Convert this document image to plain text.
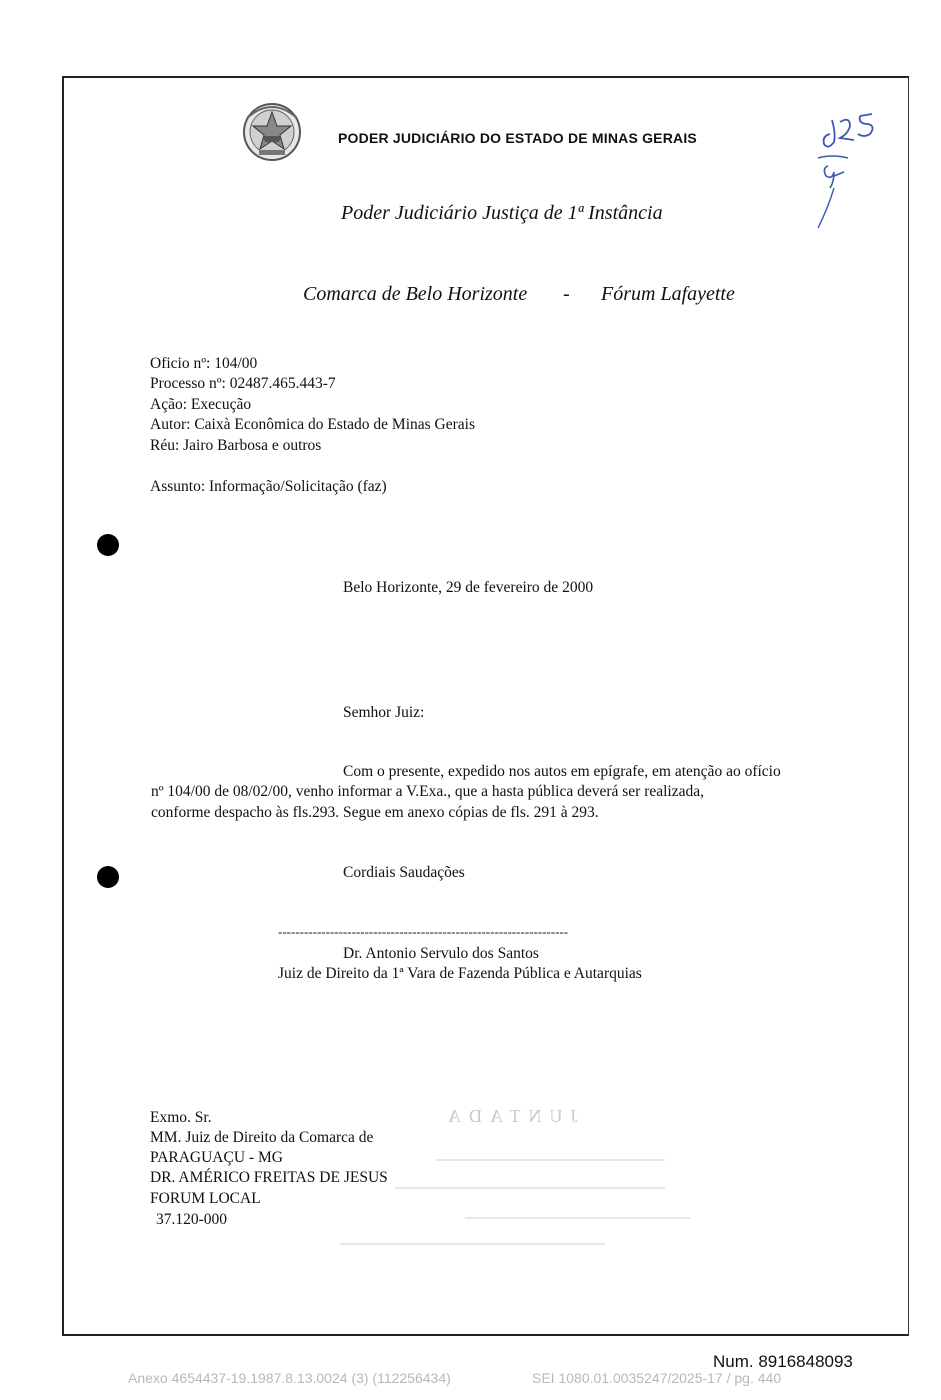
PODER JUDICIÁRIO DO ESTADO DE MINAS GERAIS
Poder Judiciário Justiça de 1ª Instância
Comarca de Belo Horizonte - Fórum Lafayette
Oficio nº: 104/00
Processo nº: 02487.465.443-7
Ação: Execução
Autor: Caixà Econômica do Estado de Minas Gerais
Réu: Jairo Barbosa e outros
Assunto: Informação/Solicitação (faz)
Belo Horizonte, 29 de fevereiro de 2000
Semhor Juiz:
Com o presente, expedido nos autos em epígrafe, em atenção ao ofício
nº 104/00 de 08/02/00, venho informar a V.Exa., que a hasta pública deverá ser realizada,
conforme despacho às fls.293. Segue em anexo cópias de fls. 291 à 293.
Cordiais Saudações
-------------------------------------------------------------------
Dr. Antonio Servulo dos Santos
Juiz de Direito da 1ª Vara de Fazenda Pública e Autarquias
JUNTADA
Exmo. Sr.
MM. Juiz de Direito da Comarca de
PARAGUAÇU - MG
DR. AMÉRICO FREITAS DE JESUS
FORUM LOCAL
37.120-000
Num. 8916848093
Anexo 4654437-19.1987.8.13.0024 (3) (112256434)	SEI 1080.01.0035247/2025-17 / pg. 440
